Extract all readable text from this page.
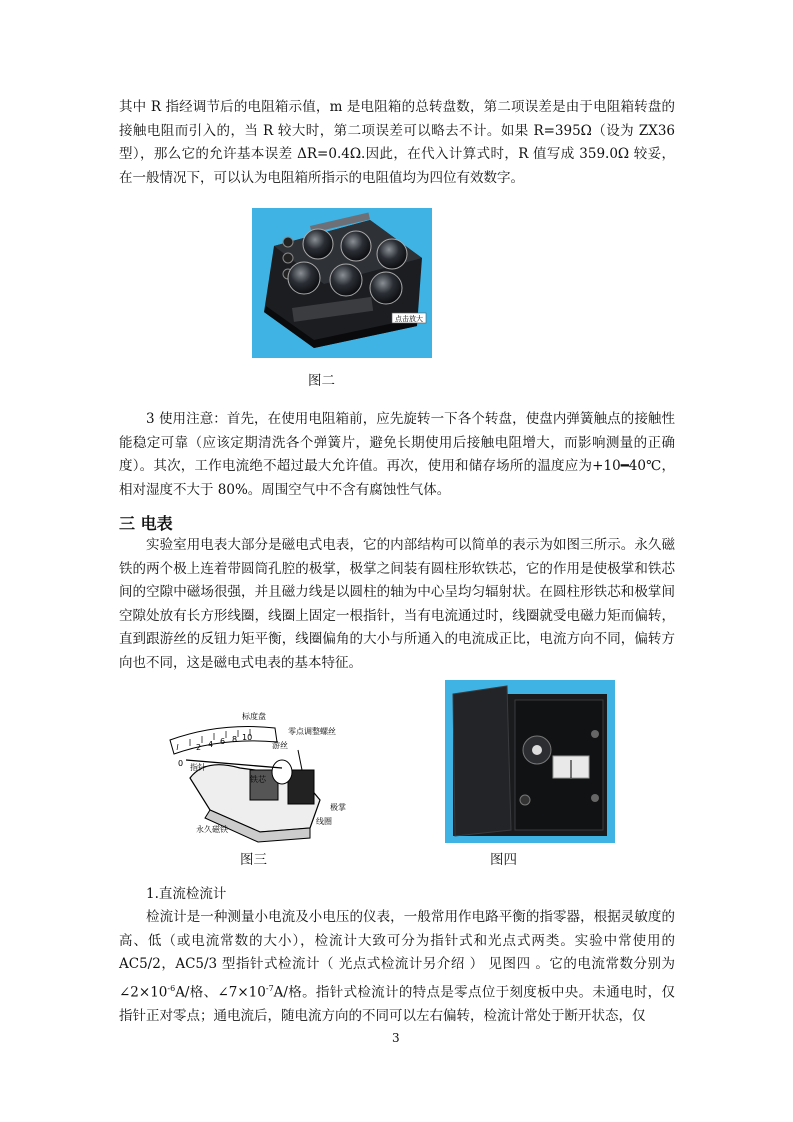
其中 R 指经调节后的电阻箱示值，m 是电阻箱的总转盘数，第二项误差是由于电阻箱转盘的接触电阻而引入的，当 R 较大时，第二项误差可以略去不计。如果 R=395Ω（设为 ZX36 型），那么它的允许基本误差 ΔR=0.4Ω.因此，在代入计算式时，R 值写成 359.0Ω 较妥，在一般情况下，可以认为电阻箱所指示的电阻值均为四位有效数字。

点击放大
图二

3 使用注意：首先，在使用电阻箱前，应先旋转一下各个转盘，使盘内弹簧触点的接触性能稳定可靠（应该定期清洗各个弹簧片，避免长期使用后接触电阻增大，而影响测量的正确度）。其次，工作电流绝不超过最大允许值。再次，使用和储存场所的温度应为+10━40℃，相对湿度不大于 80%。周围空气中不含有腐蚀性气体。

三 电表

实验室用电表大部分是磁电式电表，它的内部结构可以简单的表示为如图三所示。永久磁铁的两个极上连着带圆筒孔腔的极掌，极掌之间装有圆柱形软铁芯，它的作用是使极掌和铁芯间的空隙中磁场很强，并且磁力线是以圆柱的轴为中心呈均匀辐射状。在圆柱形铁芯和极掌间空隙处放有长方形线圈，线圈上固定一根指针，当有电流通过时，线圈就受电磁力矩而偏转，直到跟游丝的反钮力矩平衡，线圈偏角的大小与所通入的电流成正比，电流方向不同，偏转方向也不同，这是磁电式电表的基本特征。

0
2 4 6 8 10
标度盘
零点调整螺丝
游丝
指针
铁芯
极掌
线圈
永久磁铁
图三	图四
1.直流检流计

检流计是一种测量小电流及小电压的仪表，一般常用作电路平衡的指零器，根据灵敏度的高、低（或电流常数的大小），检流计大致可分为指针式和光点式两类。实验中常使用的 AC5/2，AC5/3 型指针式检流计（ 光点式检流计另介绍 ） 见图四 。它的电流常数分别为 $\angle 2\times 10^{-6}A/$格、$\angle 7\times 10^{-7}A/$格。指针式检流计的特点是零点位于刻度板中央。未通电时，仅指针正对零点；通电流后，随电流方向的不同可以左右偏转，检流计常处于断开状态，仅

3
